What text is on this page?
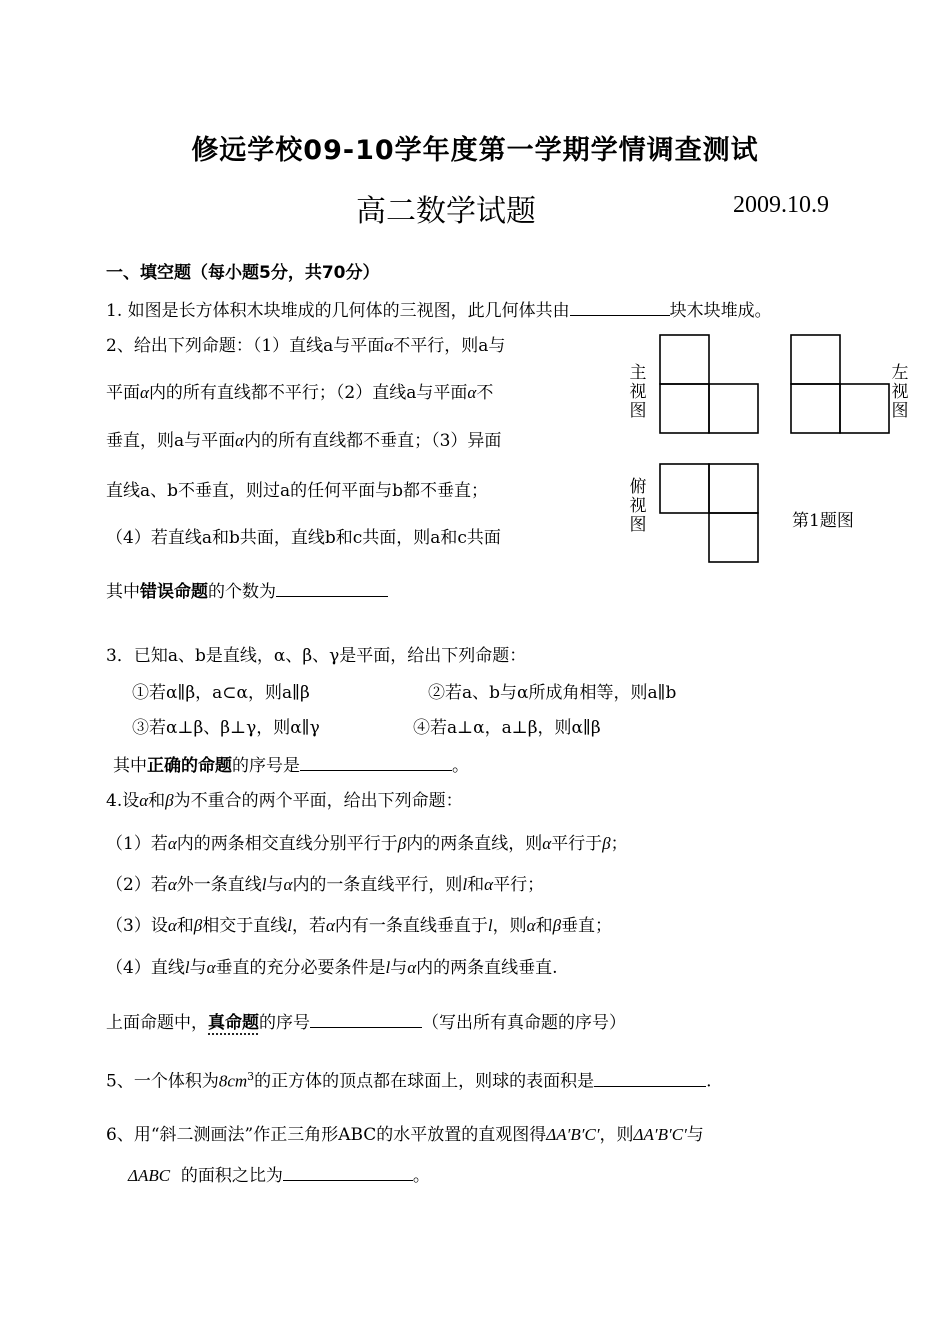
修远学校09-10学年度第一学期学情调查测试
高二数学试题	2009.10.9
一、填空题（每小题5分，共70分）
1. 如图是长方体积木块堆成的几何体的三视图，此几何体共由	块木块堆成。
2、给出下列命题：（1）直线a与平面α不平行，则a与
平面α内的所有直线都不平行；（2）直线a与平面α不
垂直，则a与平面α内的所有直线都不垂直；（3）异面
直线a、b不垂直，则过a的任何平面与b都不垂直；
（4）若直线a和b共面，直线b和c共面，则a和c共面
其中错误命题的个数为
主视图
左视图
俯视图	第1题图
3．已知a、b是直线，α、β、γ是平面，给出下列命题：
①若α∥β，a⊂α，则a∥β	②若a、b与α所成角相等，则a∥b
③若α⊥β、β⊥γ，则α∥γ	④若a⊥α，a⊥β，则α∥β
其中正确的命题的序号是	。
4.设α和β为不重合的两个平面，给出下列命题：
（1）若α内的两条相交直线分别平行于β内的两条直线，则α平行于β；
（2）若α外一条直线l与α内的一条直线平行，则l和α平行；
（3）设α和β相交于直线l，若α内有一条直线垂直于l，则α和β垂直；
（4）直线l与α垂直的充分必要条件是l与α内的两条直线垂直.
上面命题中，真命题的序号	（写出所有真命题的序号）
5、一个体积为$8cm^3$的正方体的顶点都在球面上，则球的表面积是	.
6、用“斜二测画法”作正三角形ABC的水平放置的直观图得ΔA′B′C′，则ΔA′B′C′与
ΔABC 的面积之比为	。
